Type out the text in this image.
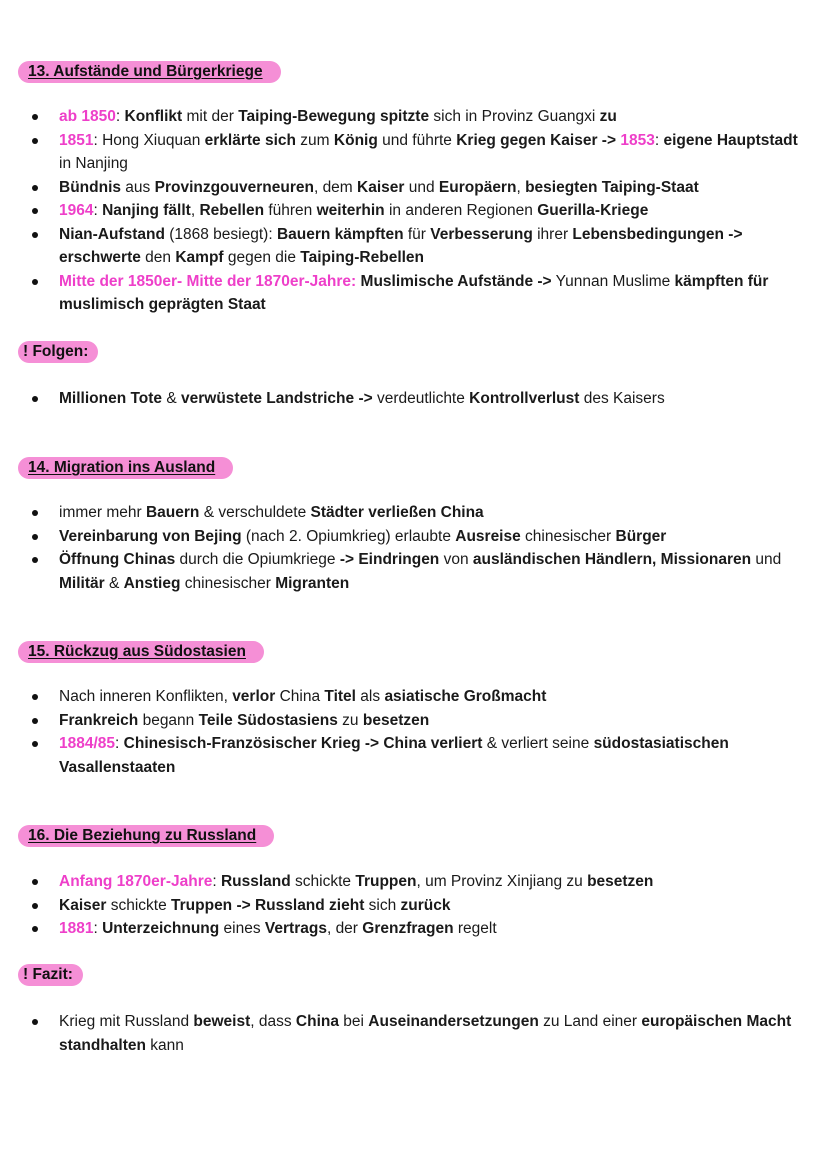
13. Aufstände und Bürgerkriege
ab 1850: Konflikt mit der Taiping-Bewegung spitzte sich in Provinz Guangxi zu
1851: Hong Xiuquan erklärte sich zum König und führte Krieg gegen Kaiser -> 1853: eigene Hauptstadt in Nanjing
Bündnis aus Provinzgouverneuren, dem Kaiser und Europäern, besiegten Taiping-Staat
1964: Nanjing fällt, Rebellen führen weiterhin in anderen Regionen Guerilla-Kriege
Nian-Aufstand (1868 besiegt): Bauern kämpften für Verbesserung ihrer Lebensbedingungen -> erschwerte den Kampf gegen die Taiping-Rebellen
Mitte der 1850er- Mitte der 1870er-Jahre: Muslimische Aufstände -> Yunnan Muslime kämpften für muslimisch geprägten Staat
! Folgen:
Millionen Tote & verwüstete Landstriche -> verdeutlichte Kontrollverlust des Kaisers
14. Migration ins Ausland
immer mehr Bauern & verschuldete Städter verließen China
Vereinbarung von Bejing (nach 2. Opiumkrieg) erlaubte Ausreise chinesischer Bürger
Öffnung Chinas durch die Opiumkriege -> Eindringen von ausländischen Händlern, Missionaren und Militär & Anstieg chinesischer Migranten
15. Rückzug aus Südostasien
Nach inneren Konflikten, verlor China Titel als asiatische Großmacht
Frankreich begann Teile Südostasiens zu besetzen
1884/85: Chinesisch-Französischer Krieg -> China verliert & verliert seine südostasiatischen Vasallenstaaten
16. Die Beziehung zu Russland
Anfang 1870er-Jahre: Russland schickte Truppen, um Provinz Xinjiang zu besetzen
Kaiser schickte Truppen -> Russland zieht sich zurück
1881: Unterzeichnung eines Vertrags, der Grenzfragen regelt
! Fazit:
Krieg mit Russland beweist, dass China bei Auseinandersetzungen zu Land einer europäischen Macht standhalten kann
